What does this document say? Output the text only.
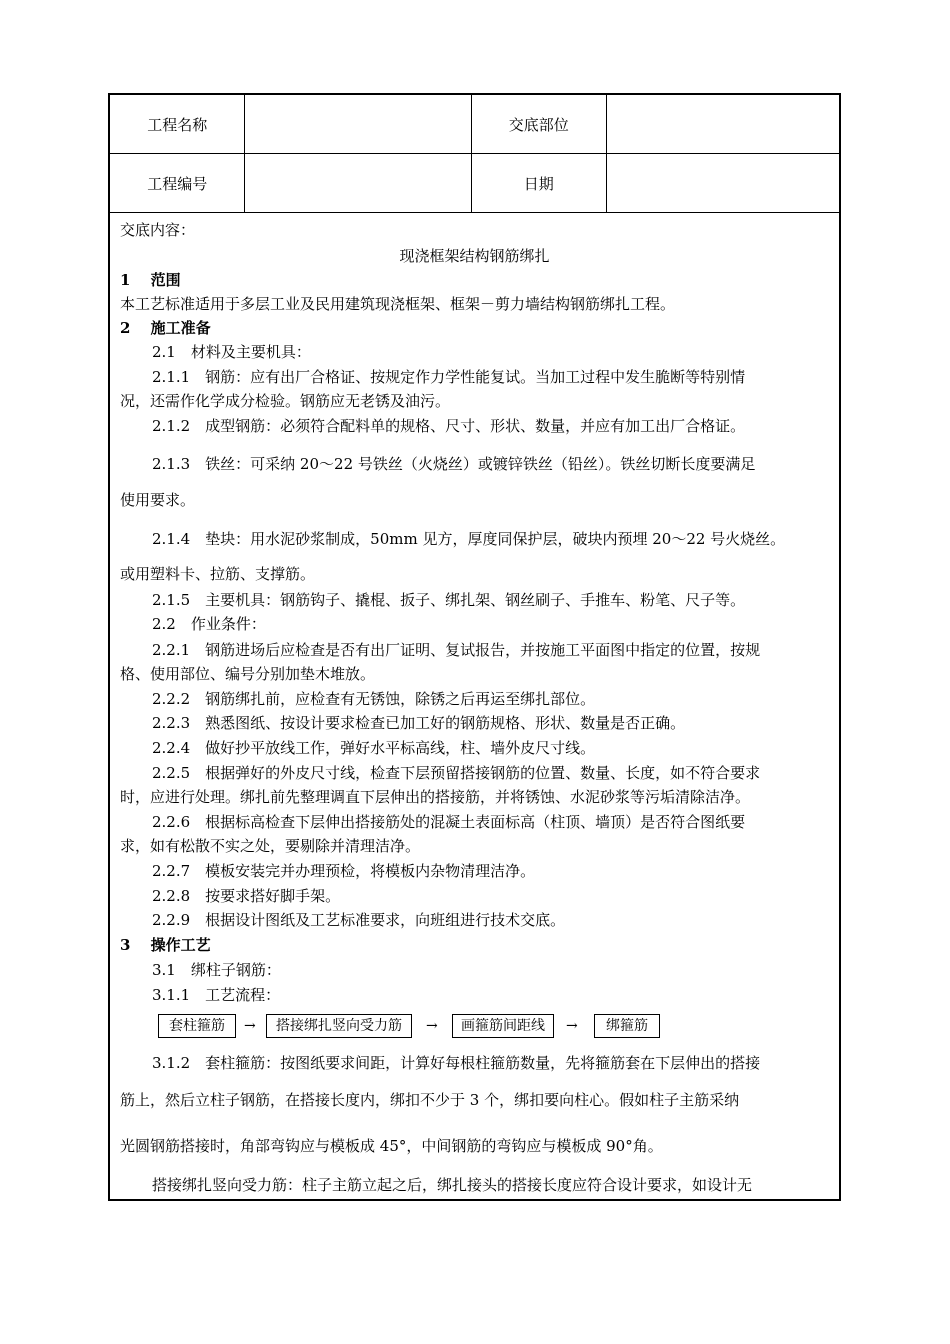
工程名称		交底部位	
工程编号		日期	
交底内容：
现浇框架结构钢筋绑扎
1　 范围
本工艺标准适用于多层工业及民用建筑现浇框架、框架－剪力墙结构钢筋绑扎工程。
2　 施工准备
2.1　材料及主要机具：
2.1.1　钢筋：应有出厂合格证、按规定作力学性能复试。当加工过程中发生脆断等特别情
况，还需作化学成分检验。钢筋应无老锈及油污。
2.1.2　成型钢筋：必须符合配料单的规格、尺寸、形状、数量，并应有加工出厂合格证。
2.1.3　铁丝：可采纳 20～22 号铁丝（火烧丝）或镀锌铁丝（铅丝）。铁丝切断长度要满足
使用要求。
2.1.4　垫块：用水泥砂浆制成，50mm 见方，厚度同保护层，破块内预埋 20～22 号火烧丝。
或用塑料卡、拉筋、支撑筋。
2.1.5　主要机具：钢筋钩子、撬棍、扳子、绑扎架、钢丝刷子、手推车、粉笔、尺子等。
2.2　作业条件：
2.2.1　钢筋进场后应检查是否有出厂证明、复试报告，并按施工平面图中指定的位置，按规
格、使用部位、编号分别加垫木堆放。
2.2.2　钢筋绑扎前，应检查有无锈蚀，除锈之后再运至绑扎部位。
2.2.3　熟悉图纸、按设计要求检查已加工好的钢筋规格、形状、数量是否正确。
2.2.4　做好抄平放线工作，弹好水平标高线，柱、墙外皮尺寸线。
2.2.5　根据弹好的外皮尺寸线，检查下层预留搭接钢筋的位置、数量、长度，如不符合要求
时，应进行处理。绑扎前先整理调直下层伸出的搭接筋，并将锈蚀、水泥砂浆等污垢清除洁净。
2.2.6　根据标高检查下层伸出搭接筋处的混凝土表面标高（柱顶、墙顶）是否符合图纸要
求，如有松散不实之处，要剔除并清理洁净。
2.2.7　模板安装完并办理预检，将模板内杂物清理洁净。
2.2.8　按要求搭好脚手架。
2.2.9　根据设计图纸及工艺标准要求，向班组进行技术交底。
3　 操作工艺
3.1　绑柱子钢筋：
3.1.1　工艺流程：
套柱箍筋	→	搭接绑扎竖向受力筋	→	画箍筋间距线	→	绑箍筋
3.1.2　套柱箍筋：按图纸要求间距，计算好每根柱箍筋数量，先将箍筋套在下层伸出的搭接
筋上，然后立柱子钢筋，在搭接长度内，绑扣不少于 3 个，绑扣要向柱心。假如柱子主筋采纳
光圆钢筋搭接时，角部弯钩应与模板成 45°，中间钢筋的弯钩应与模板成 90°角。
搭接绑扎竖向受力筋：柱子主筋立起之后，绑扎接头的搭接长度应符合设计要求，如设计无
